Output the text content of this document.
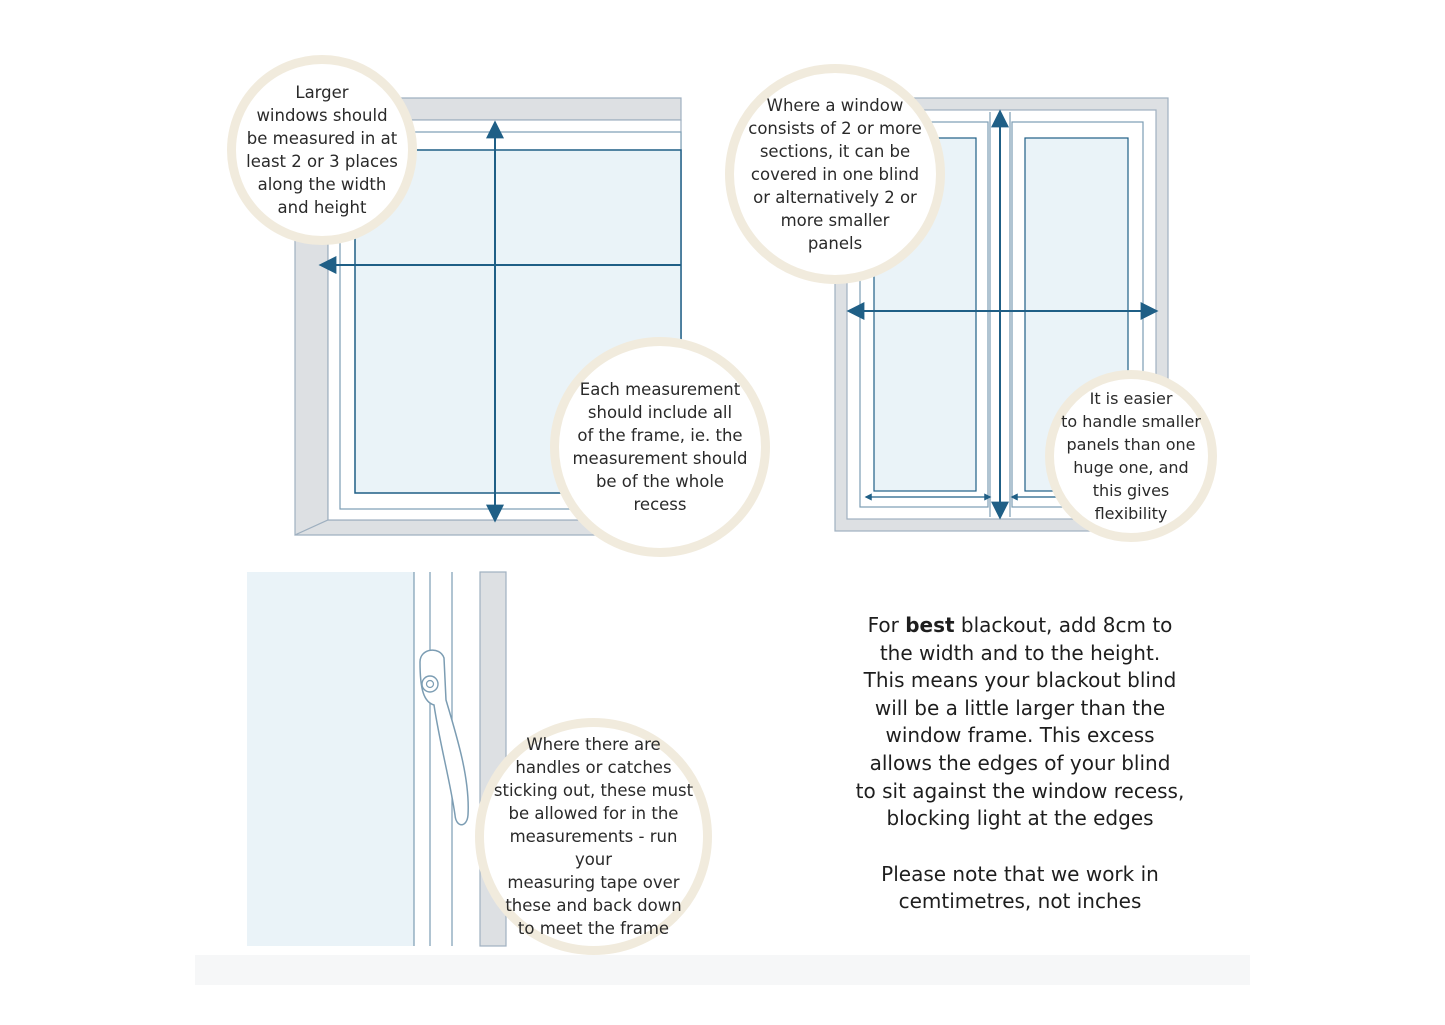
Larger
windows should
be measured in at
least 2 or 3 places
along the width
and height
Where a window
consists of 2 or more
sections, it can be
covered in one blind
or alternatively 2 or
more smaller
panels
Each measurement
should include all
of the frame, ie. the
measurement should
be of the whole
recess
It is easier
to handle smaller
panels than one
huge one, and
this gives
flexibility
Where there are
handles or catches
sticking out, these must
be allowed for in the
measurements - run your
measuring tape over
these and back down
to meet the frame

For best blackout, add 8cm to

the width and to the height.

This means your blackout blind

will be a little larger than the

window frame. This excess

allows the edges of your blind

to sit against the window recess,

blocking light at the edges

Please note that we work in

cemtimetres, not inches
